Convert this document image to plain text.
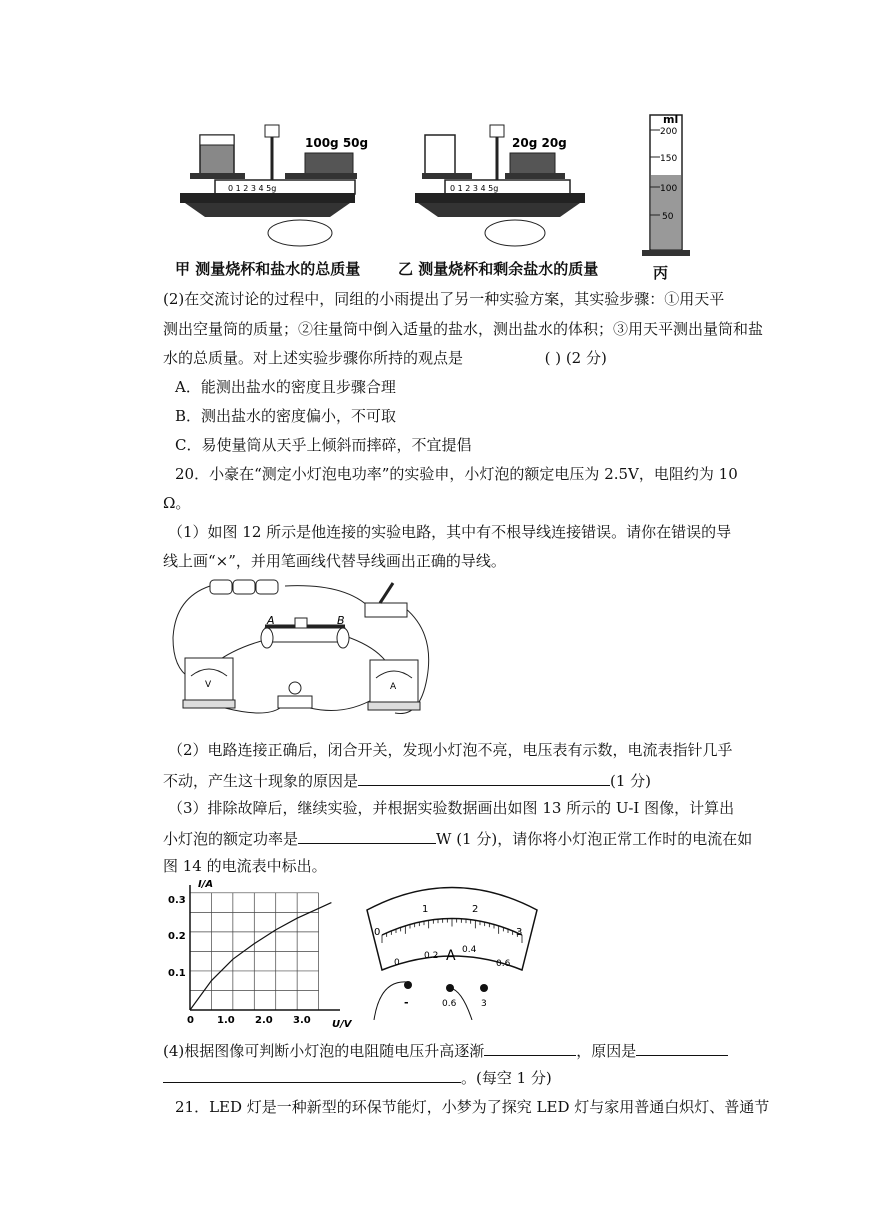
0 1 2 3 4 5g
100g 50g
0 1 2 3 4 5g
20g 20g
ml
200
150
100
50
甲 测量烧杯和盐水的总质量	乙 测量烧杯和剩余盐水的质量	丙
(2)在交流讨论的过程中，同组的小雨提出了另一种实验方案，其实验步骤：①用天平
测出空量筒的质量；②往量筒中倒入适量的盐水，测出盐水的体积；③用天平测出量筒和盐
水的总质量。对上述实验步骤你所持的观点是	( ) (2 分)
A．能测出盐水的密度且步骤合理
B．测出盐水的密度偏小，不可取
C．易使量筒从天乎上倾斜而摔碎，不宜提倡
20．小豪在“测定小灯泡电功率”的实验申，小灯泡的额定电压为 2.5V，电阻约为 10
Ω。
（1）如图 12 所示是他连接的实验电路，其中有不根导线连接错误。请你在错误的导
线上画“×”，并用笔画线代替导线画出正确的导线。
A	B
V	A
（2）电路连接正确后，闭合开关，发现小灯泡不亮，电压表有示数，电流表指针几乎
不动，产生这十现象的原因是	(1 分)
（3）排除故障后，继续实验，并根据实验数据画出如图 13 所示的 U-I 图像，计算出
小灯泡的额定功率是	W (1 分)，请你将小灯泡正常工作时的电流在如
图 14 的电流表中标出。
I/A
U/V
0 1.0 2.0 3.0
0.1
0.2
0.3
0
1	2
3
0
0.2 A 0.4
0.6
-	0.6	3
(4)根据图像可判断小灯泡的电阻随电压升高逐渐	，原因是
。(每空 1 分)
21．LED 灯是一种新型的环保节能灯，小梦为了探究 LED 灯与家用普通白炽灯、普通节
